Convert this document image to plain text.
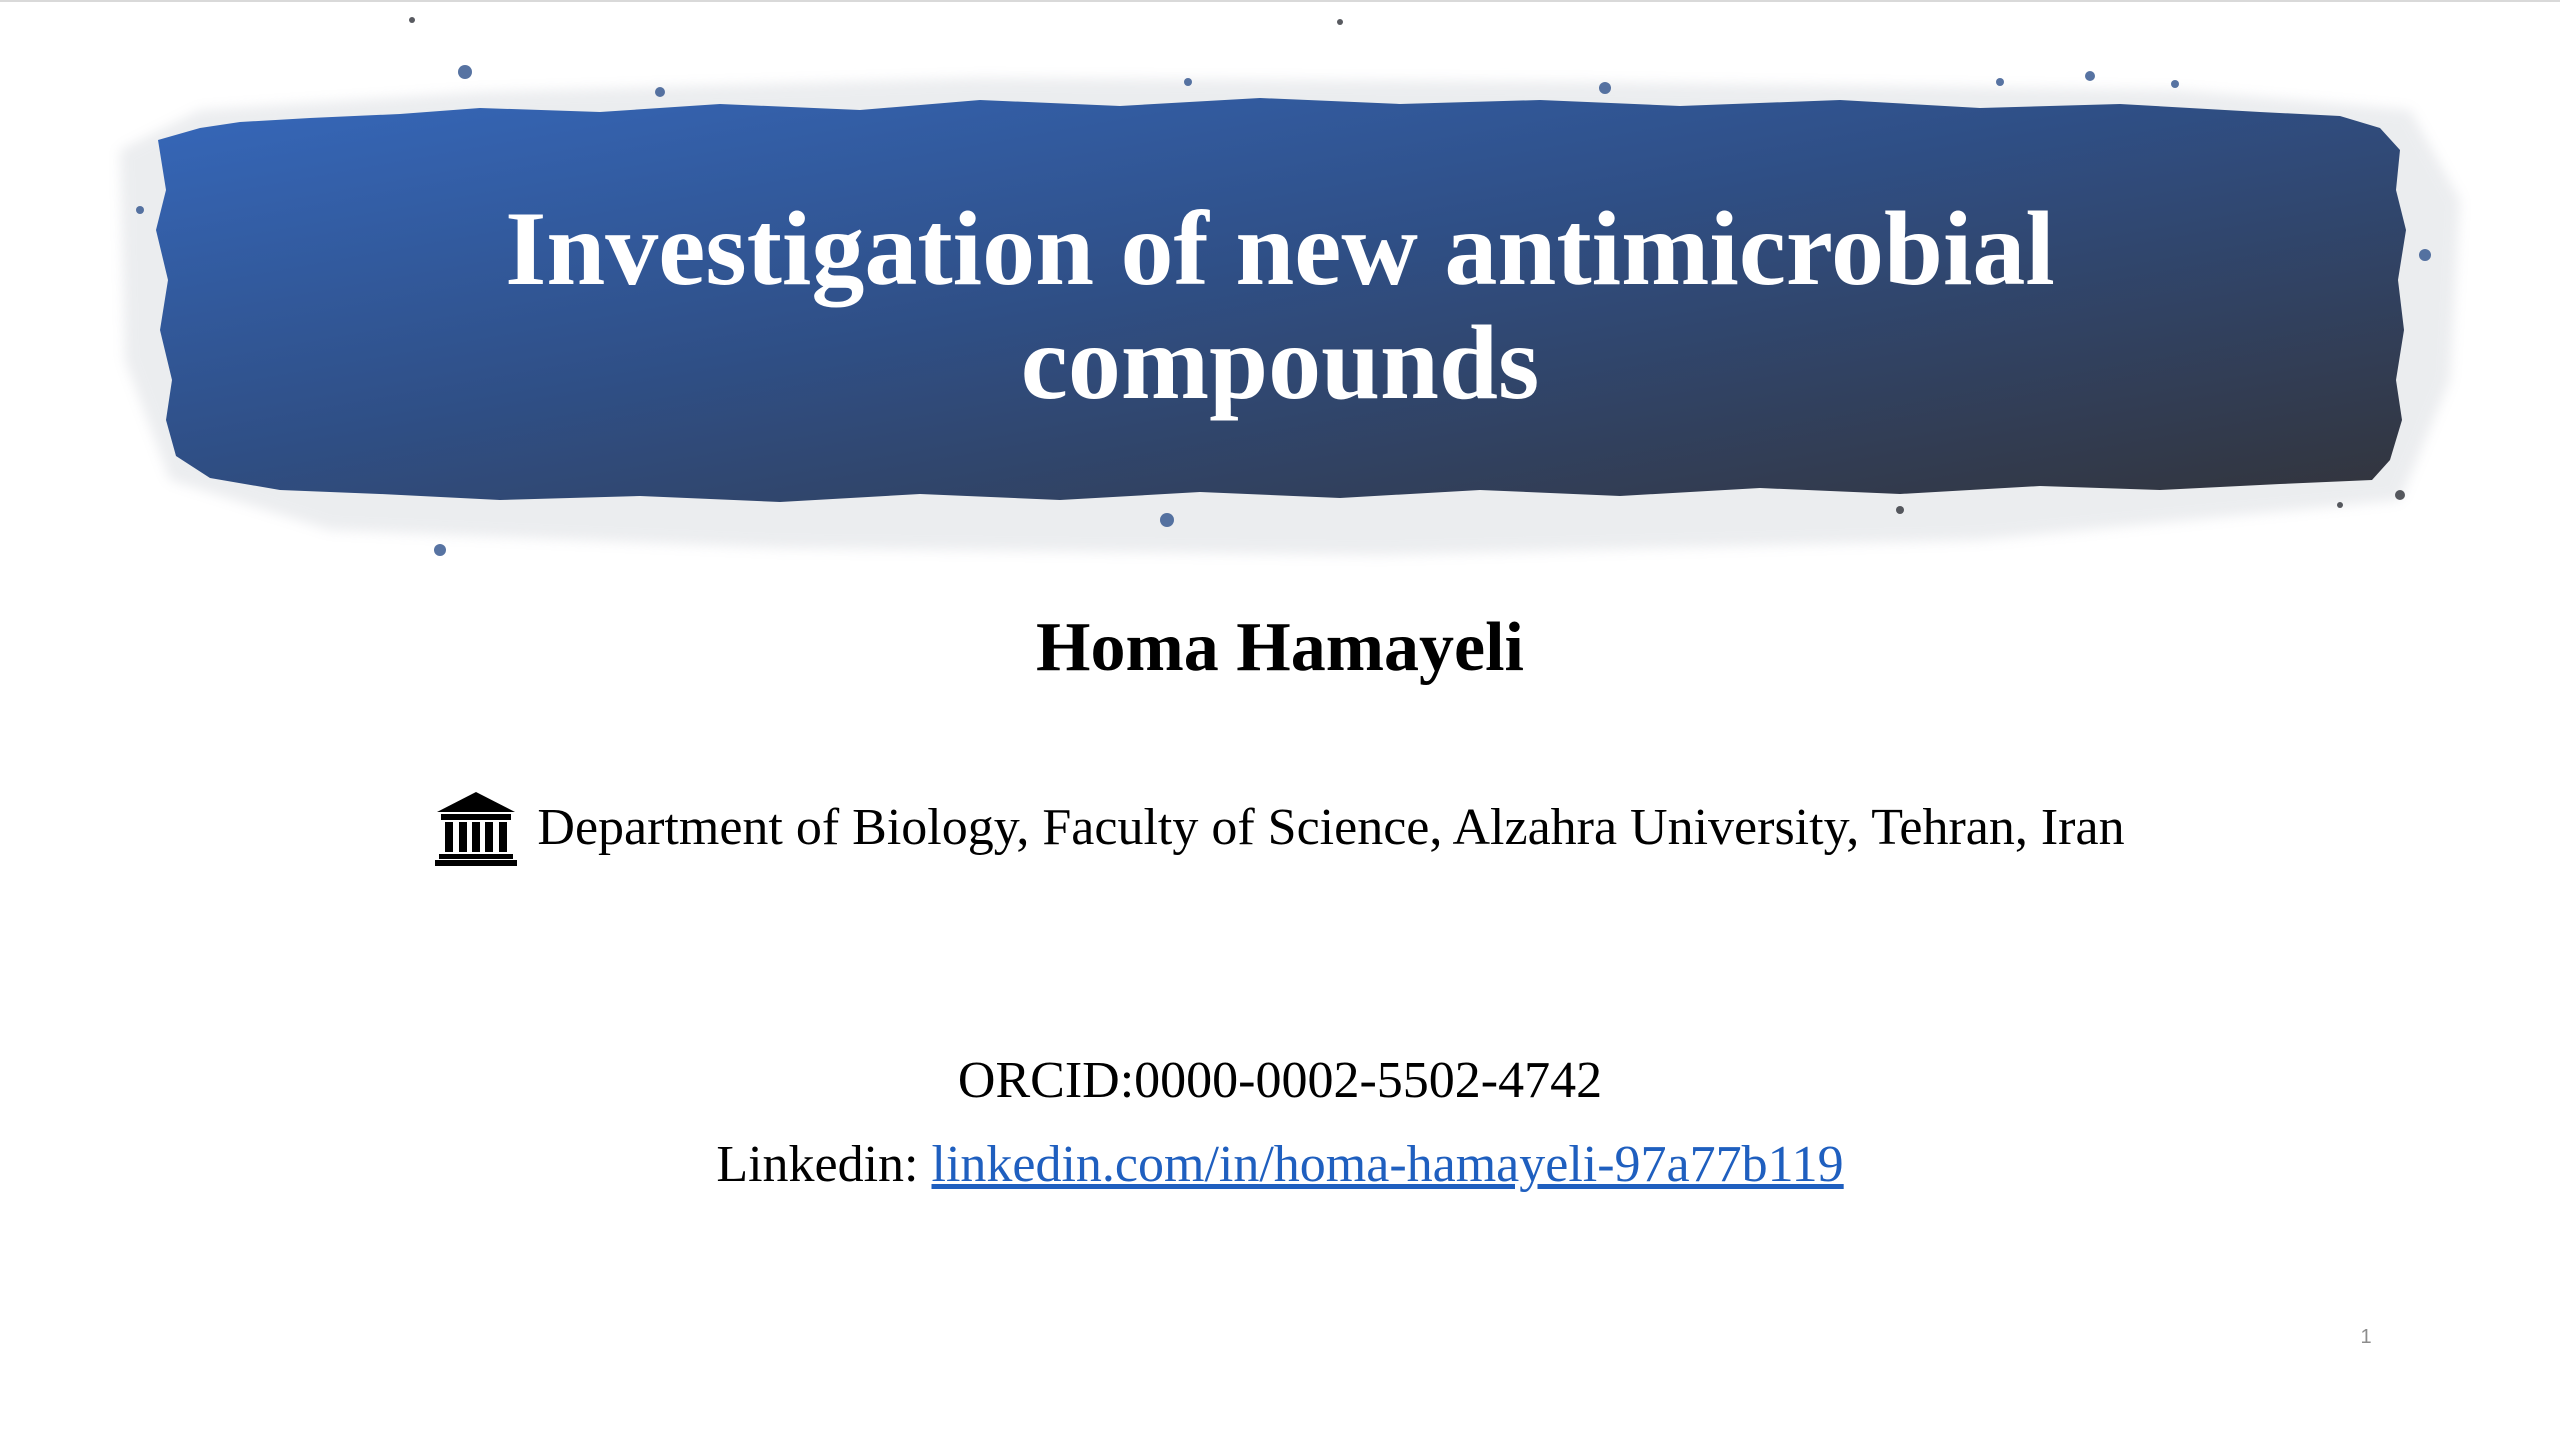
Investigation of new antimicrobial
compounds

Homa Hamayeli

Department of Biology, Faculty of Science, Alzahra University, Tehran, Iran
ORCID:0000-0002-5502-4742
Linkedin: linkedin.com/in/homa-hamayeli-97a77b119
1
